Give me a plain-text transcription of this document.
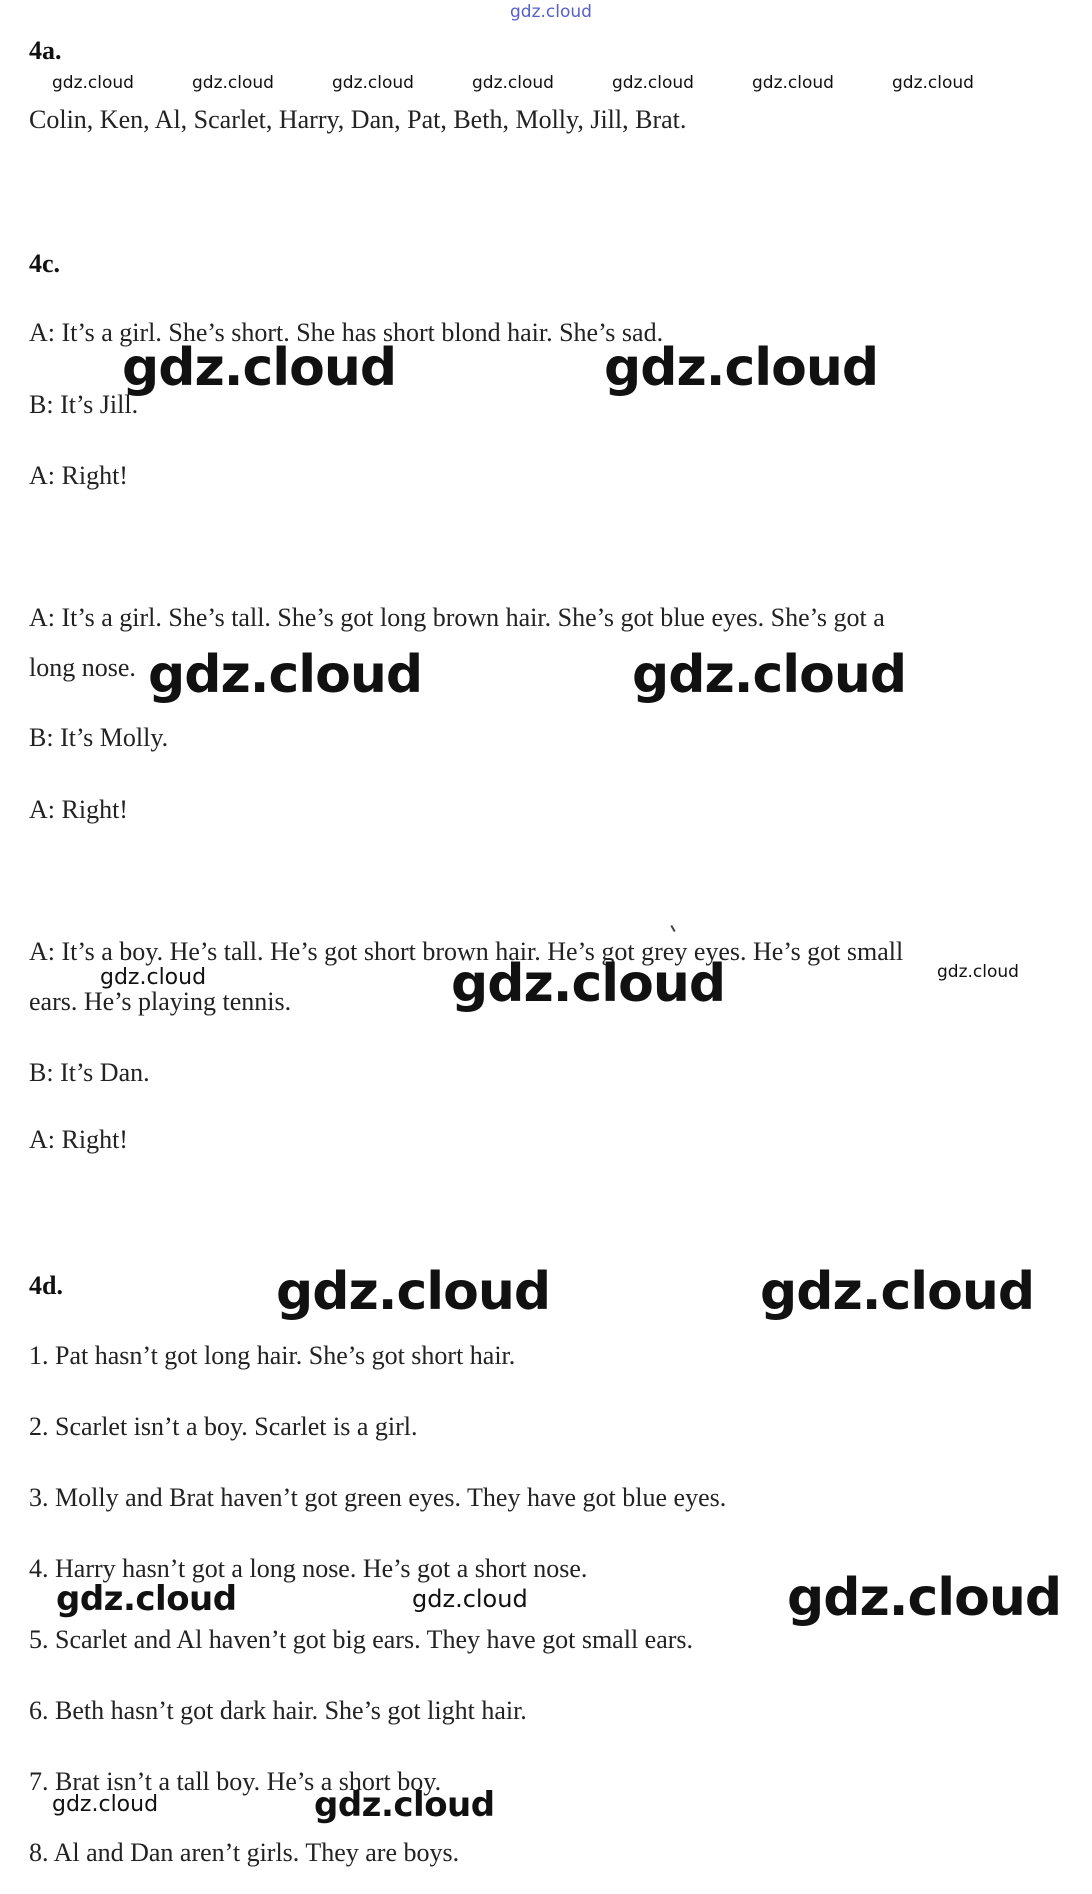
gdz.cloud
4a.
gdz.cloud	gdz.cloud	gdz.cloud	gdz.cloud	gdz.cloud	gdz.cloud	gdz.cloud

Colin, Ken, Al, Scarlet, Harry, Dan, Pat, Beth, Molly, Jill, Brat.

4c.

A: It’s a girl. She’s short. She has short blond hair. She’s sad.

gdz.cloud	gdz.cloud

B: It’s Jill.

A: Right!

A: It’s a girl. She’s tall. She’s got long brown hair. She’s got blue eyes. She’s got a

long nose. gdz.cloud	gdz.cloud

B: It’s Molly.

A: Right!

A: It’s a boy. He’s tall. He’s got short brown hair. He’s got grey eyes. He’s got small

gdz.cloud	gdz.cloud

ears. He’s playing tennis.	gdz.cloud

B: It’s Dan.

A: Right!

4d.	gdz.cloud	gdz.cloud

1. Pat hasn’t got long hair. She’s got short hair.

2. Scarlet isn’t a boy. Scarlet is a girl.

3. Molly and Brat haven’t got green eyes. They have got blue eyes.

4. Harry hasn’t got a long nose. He’s got a short nose.

gdz.cloud	gdz.cloud	gdz.cloud

5. Scarlet and Al haven’t got big ears. They have got small ears.

6. Beth hasn’t got dark hair. She’s got light hair.

7. Brat isn’t a tall boy. He’s a short boy.

gdz.cloud	gdz.cloud

8. Al and Dan aren’t girls. They are boys.
